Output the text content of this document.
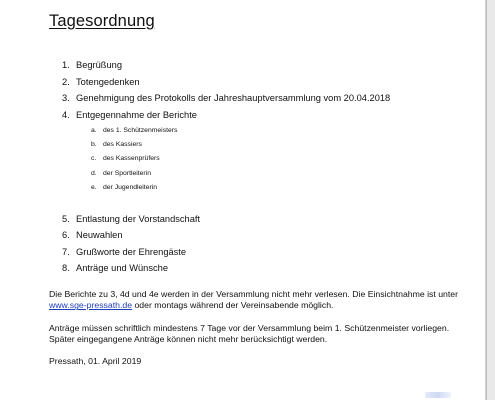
Tagesordnung
1. Begrüßung
2. Totengedenken
3. Genehmigung des Protokolls der Jahreshauptversammlung vom 20.04.2018
4. Entgegennahme der Berichte
a. des 1. Schützenmeisters
b. des Kassiers
c. des Kassenprüfers
d. der Sportleiterin
e. der Jugendleiterin
5. Entlastung der Vorstandschaft
6. Neuwahlen
7. Grußworte der Ehrengäste
8. Anträge und Wünsche

Die Berichte zu 3, 4d und 4e werden in der Versammlung nicht mehr verlesen. Die Einsichtnahme ist unter www.sge-pressath.de oder montags während der Vereinsabende möglich.

Anträge müssen schriftlich mindestens 7 Tage vor der Versammlung beim 1. Schützenmeister vorliegen.
Später eingegangene Anträge können nicht mehr berücksichtigt werden.

Pressath, 01. April 2019
